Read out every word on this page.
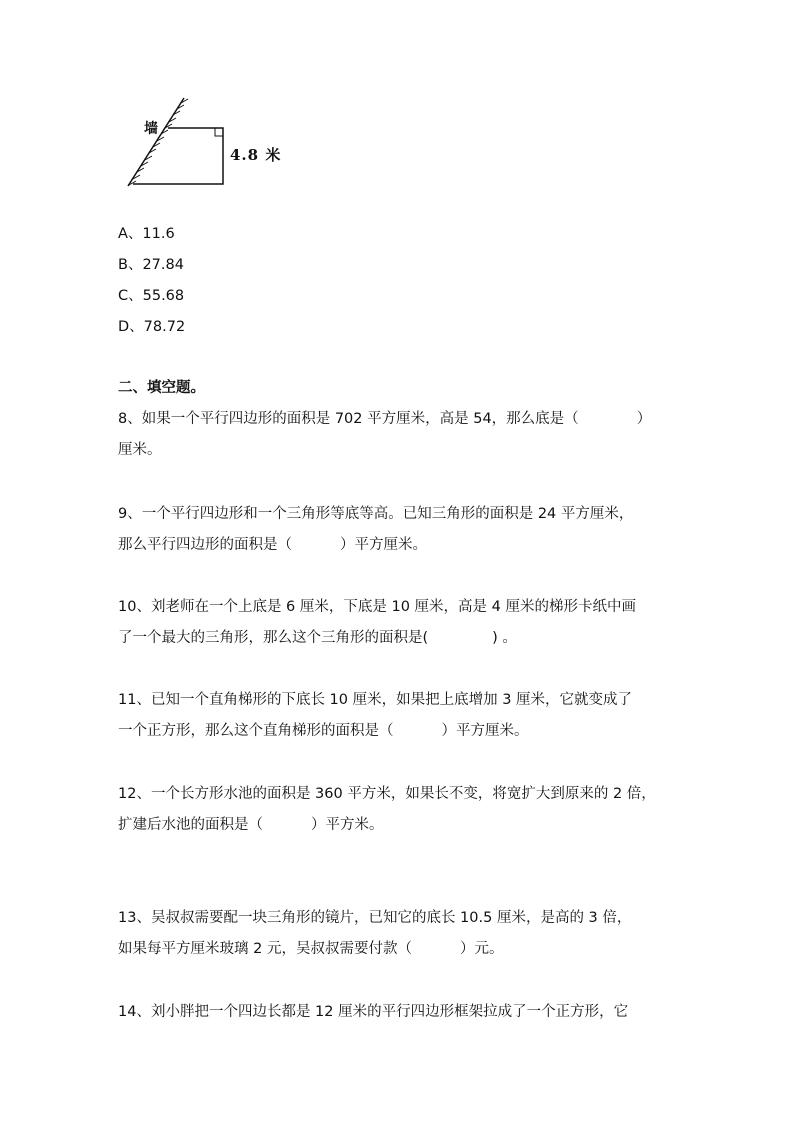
墙
4.8 米
A、11.6
B、27.84
C、55.68
D、78.72
二、填空题。
8、如果一个平行四边形的面积是 702 平方厘米，高是 54，那么底是（	）
厘米。
9、一个平行四边形和一个三角形等底等高。已知三角形的面积是 24 平方厘米，
那么平行四边形的面积是（	）平方厘米。
10、刘老师在一个上底是 6 厘米，下底是 10 厘米，高是 4 厘米的梯形卡纸中画
了一个最大的三角形，那么这个三角形的面积是(	) 。
11、已知一个直角梯形的下底长 10 厘米，如果把上底增加 3 厘米，它就变成了
一个正方形，那么这个直角梯形的面积是（	）平方厘米。
12、一个长方形水池的面积是 360 平方米，如果长不变，将宽扩大到原来的 2 倍，
扩建后水池的面积是（	）平方米。
13、吴叔叔需要配一块三角形的镜片，已知它的底长 10.5 厘米，是高的 3 倍，
如果每平方厘米玻璃 2 元，吴叔叔需要付款（	）元。
14、刘小胖把一个四边长都是 12 厘米的平行四边形框架拉成了一个正方形，它
